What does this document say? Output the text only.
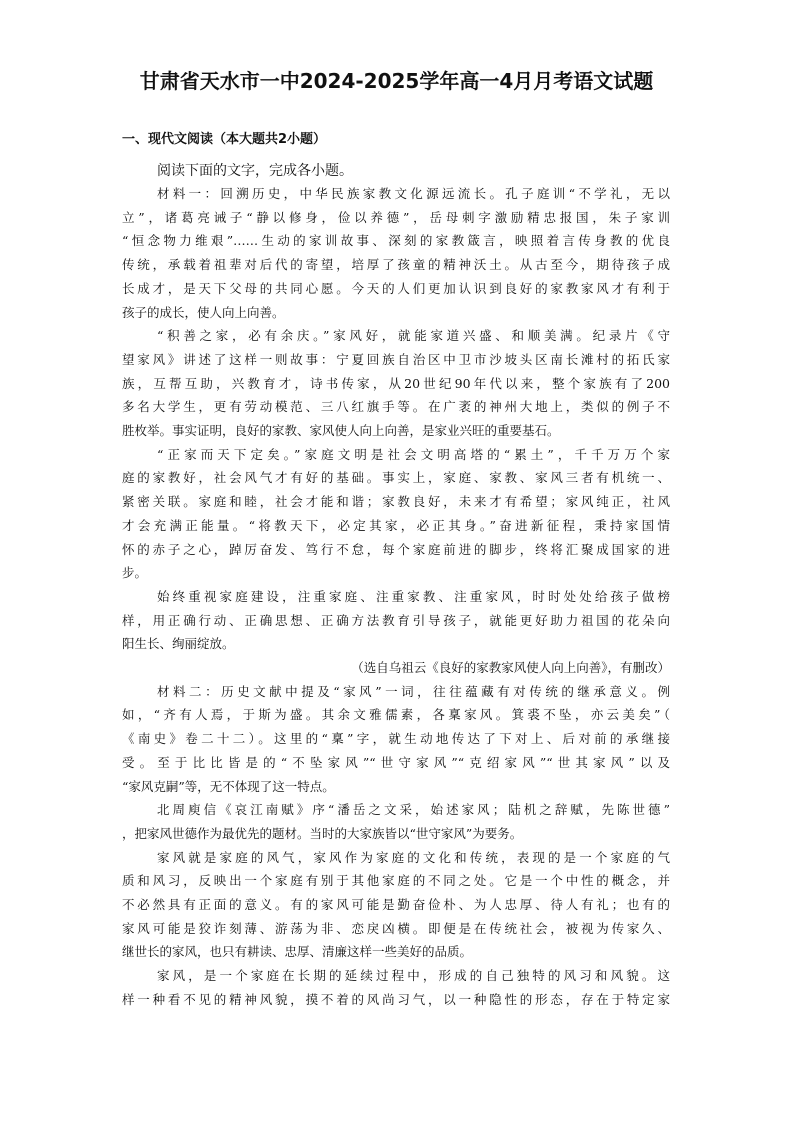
甘肃省天水市一中2024-2025学年高一4月月考语文试题
一、现代文阅读（本大题共2小题）
阅读下面的文字，完成各小题。
材料一：回溯历史，中华民族家教文化源远流长。孔子庭训“不学礼，无以
立”，诸葛亮诫子“静以修身，俭以养德”，岳母刺字激励精忠报国，朱子家训
“恒念物力维艰”……生动的家训故事、深刻的家教箴言，映照着言传身教的优良
传统，承载着祖辈对后代的寄望，培厚了孩童的精神沃土。从古至今，期待孩子成
长成才，是天下父母的共同心愿。今天的人们更加认识到良好的家教家风才有利于
孩子的成长，使人向上向善。
“积善之家，必有余庆。”家风好，就能家道兴盛、和顺美满。纪录片《守
望家风》讲述了这样一则故事：宁夏回族自治区中卫市沙坡头区南长滩村的拓氏家
族，互帮互助，兴教育才，诗书传家，从20世纪90年代以来，整个家族有了200
多名大学生，更有劳动模范、三八红旗手等。在广袤的神州大地上，类似的例子不
胜枚举。事实证明，良好的家教、家风使人向上向善，是家业兴旺的重要基石。
“正家而天下定矣。”家庭文明是社会文明高塔的“累土”，千千万万个家
庭的家教好，社会风气才有好的基础。事实上，家庭、家教、家风三者有机统一、
紧密关联。家庭和睦，社会才能和谐；家教良好，未来才有希望；家风纯正，社风
才会充满正能量。“将教天下，必定其家，必正其身。”奋进新征程，秉持家国情
怀的赤子之心，踔厉奋发、笃行不怠，每个家庭前进的脚步，终将汇聚成国家的进
步。
始终重视家庭建设，注重家庭、注重家教、注重家风，时时处处给孩子做榜
样，用正确行动、正确思想、正确方法教育引导孩子，就能更好助力祖国的花朵向
阳生长、绚丽绽放。
（选自乌祖云《良好的家教家风使人向上向善》，有删改）
材料二：历史文献中提及“家风”一词，往往蕴藏有对传统的继承意义。例
如，“齐有人焉，于斯为盛。其余文雅儒素，各稟家风。箕裘不坠，亦云美矣”（
《南史》卷二十二）。这里的“稟”字，就生动地传达了下对上、后对前的承继接
受。至于比比皆是的“不坠家风”“世守家风”“克绍家风”“世其家风”以及
“家风克嗣”等，无不体现了这一特点。
北周庾信《哀江南赋》序“潘岳之文采，始述家风；陆机之辞赋，先陈世德”
，把家风世德作为最优先的题材。当时的大家族皆以“世守家风”为要务。
家风就是家庭的风气，家风作为家庭的文化和传统，表现的是一个家庭的气
质和风习，反映出一个家庭有别于其他家庭的不同之处。它是一个中性的概念，并
不必然具有正面的意义。有的家风可能是勤奋俭朴、为人忠厚、待人有礼；也有的
家风可能是狡诈刻薄、游荡为非、恋戾凶横。即便是在传统社会，被视为传家久、
继世长的家风，也只有耕读、忠厚、清廉这样一些美好的品质。
家风，是一个家庭在长期的延续过程中，形成的自己独特的风习和风貌。这
样一种看不见的精神风貌，摸不着的风尚习气，以一种隐性的形态，存在于特定家
